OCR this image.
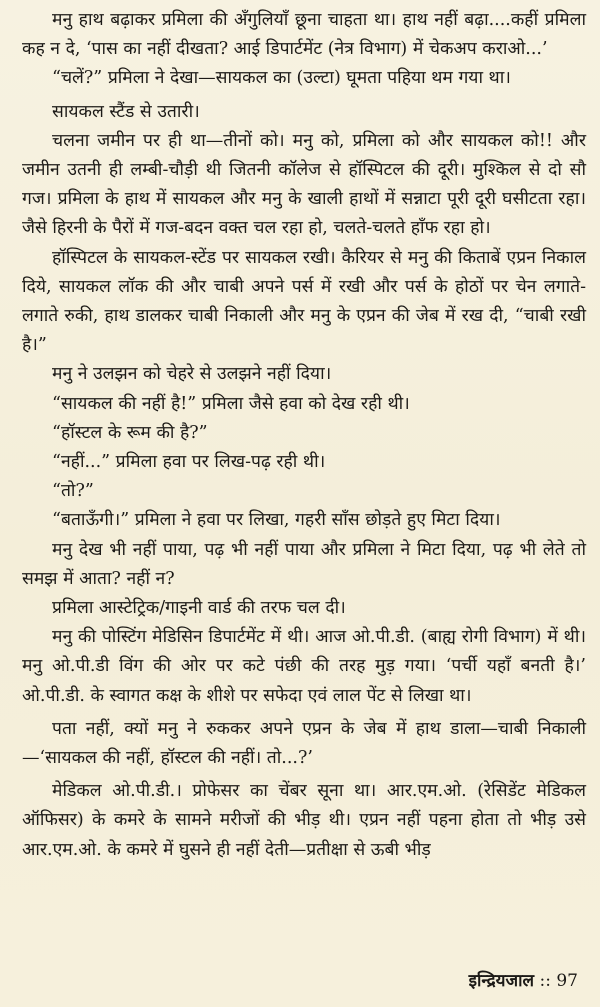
मनु हाथ बढ़ाकर प्रमिला की अँगुलियाँ छूना चाहता था। हाथ नहीं बढ़ा....कहीं प्रमिला कह न दे, ‘पास का नहीं दीखता? आई डिपार्टमेंट (नेत्र विभाग) में चेकअप कराओ...’

“चलें?” प्रमिला ने देखा—सायकल का (उल्टा) घूमता पहिया थम गया था।

सायकल स्टैंड से उतारी।

चलना जमीन पर ही था—तीनों को। मनु को, प्रमिला को और सायकल को!! और जमीन उतनी ही लम्बी-चौड़ी थी जितनी कॉलेज से हॉस्पिटल की दूरी। मुश्किल से दो सौ गज। प्रमिला के हाथ में सायकल और मनु के खाली हाथों में सन्नाटा पूरी दूरी घसीटता रहा। जैसे हिरनी के पैरों में गज-बदन वक्त चल रहा हो, चलते-चलते हाँफ रहा हो।

हॉस्पिटल के सायकल-स्टेंड पर सायकल रखी। कैरियर से मनु की किताबें एप्रन निकाल दिये, सायकल लॉक की और चाबी अपने पर्स में रखी और पर्स के होठों पर चेन लगाते-लगाते रुकी, हाथ डालकर चाबी निकाली और मनु के एप्रन की जेब में रख दी, “चाबी रखी है।”

मनु ने उलझन को चेहरे से उलझने नहीं दिया।

“सायकल की नहीं है!” प्रमिला जैसे हवा को देख रही थी।

“हॉस्टल के रूम की है?”

“नहीं...” प्रमिला हवा पर लिख-पढ़ रही थी।

“तो?”

“बताऊँगी।” प्रमिला ने हवा पर लिखा, गहरी साँस छोड़ते हुए मिटा दिया।

मनु देख भी नहीं पाया, पढ़ भी नहीं पाया और प्रमिला ने मिटा दिया, पढ़ भी लेते तो समझ में आता? नहीं न?

प्रमिला आस्टेट्रिक/गाइनी वार्ड की तरफ चल दी।

मनु की पोस्टिंग मेडिसिन डिपार्टमेंट में थी। आज ओ.पी.डी. (बाह्य रोगी विभाग) में थी। मनु ओ.पी.डी विंग की ओर पर कटे पंछी की तरह मुड़ गया। ‘पर्ची यहाँ बनती है।’ ओ.पी.डी. के स्वागत कक्ष के शीशे पर सफेदा एवं लाल पेंट से लिखा था।

पता नहीं, क्यों मनु ने रुककर अपने एप्रन के जेब में हाथ डाला—चाबी निकाली—‘सायकल की नहीं, हॉस्टल की नहीं। तो...?’

मेडिकल ओ.पी.डी.। प्रोफेसर का चेंबर सूना था। आर.एम.ओ. (रेसिडेंट मेडिकल ऑफिसर) के कमरे के सामने मरीजों की भीड़ थी। एप्रन नहीं पहना होता तो भीड़ उसे आर.एम.ओ. के कमरे में घुसने ही नहीं देती—प्रतीक्षा से ऊबी भीड़

इन्द्रियजाल :: 97
